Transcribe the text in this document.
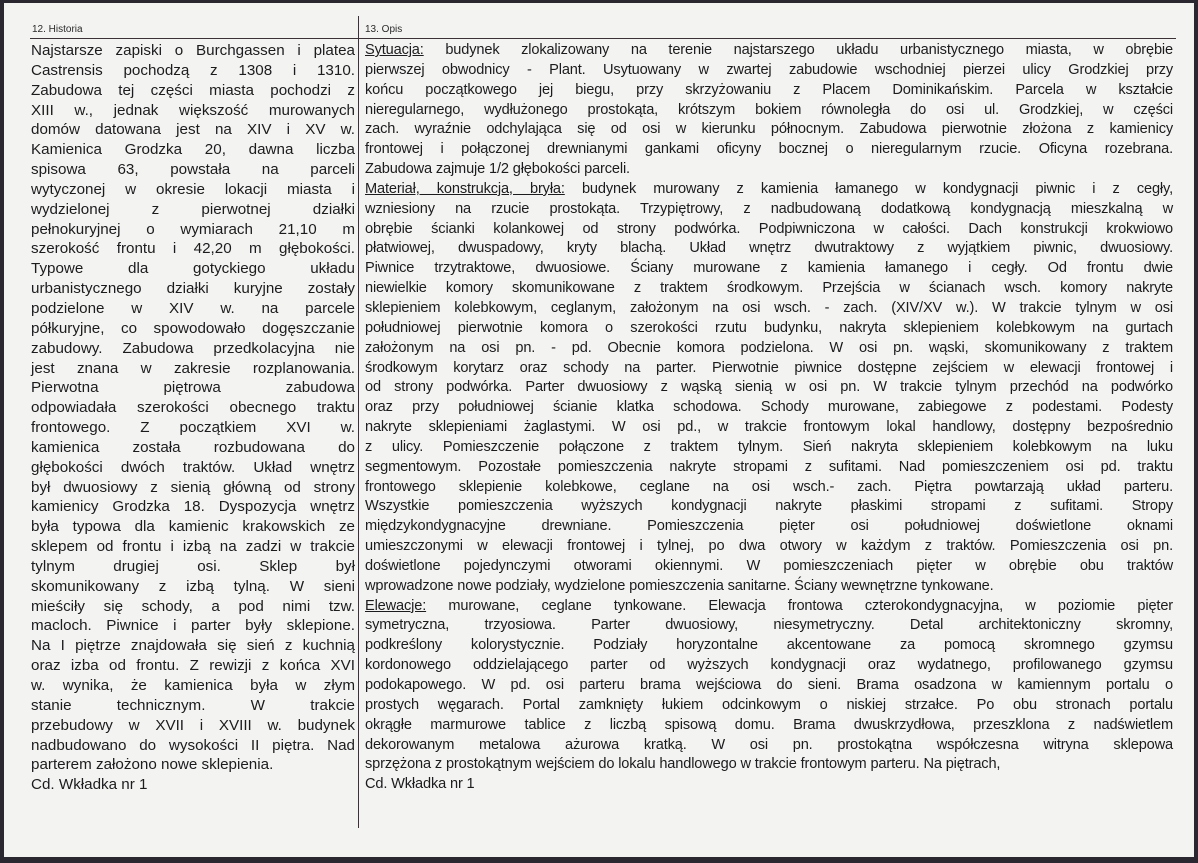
12. Historia	13. Opis
Najstarsze zapiski o Burchgassen i platea
Castrensis pochodzą z 1308 i 1310.
Zabudowa tej części miasta pochodzi z
XIII w., jednak większość murowanych
domów datowana jest na XIV i XV w.
Kamienica Grodzka 20, dawna liczba
spisowa 63, powstała na parceli
wytyczonej w okresie lokacji miasta i
wydzielonej z pierwotnej działki
pełnokuryjnej o wymiarach 21,10 m
szerokość frontu i 42,20 m głębokości.
Typowe dla gotyckiego układu
urbanistycznego działki kuryjne zostały
podzielone w XIV w. na parcele
półkuryjne, co spowodowało dogęszczanie
zabudowy. Zabudowa przedkolacyjna nie
jest znana w zakresie rozplanowania.
Pierwotna piętrowa zabudowa
odpowiadała szerokości obecnego traktu
frontowego. Z początkiem XVI w.
kamienica została rozbudowana do
głębokości dwóch traktów. Układ wnętrz
był dwuosiowy z sienią główną od strony
kamienicy Grodzka 18. Dyspozycja wnętrz
była typowa dla kamienic krakowskich ze
sklepem od frontu i izbą na zadzi w trakcie
tylnym drugiej osi. Sklep był
skomunikowany z izbą tylną. W sieni
mieściły się schody, a pod nimi tzw.
macloch. Piwnice i parter były sklepione.
Na I piętrze znajdowała się sień z kuchnią
oraz izba od frontu. Z rewizji z końca XVI
w. wynika, że kamienica była w złym
stanie technicznym. W trakcie
przebudowy w XVII i XVIII w. budynek
nadbudowano do wysokości II piętra. Nad
parterem założono nowe sklepienia.
Cd. Wkładka nr 1
Sytuacja: budynek zlokalizowany na terenie najstarszego układu urbanistycznego miasta, w obrębie
pierwszej obwodnicy - Plant. Usytuowany w zwartej zabudowie wschodniej pierzei ulicy Grodzkiej przy
końcu początkowego jej biegu, przy skrzyżowaniu z Placem Dominikańskim. Parcela w kształcie
nieregularnego, wydłużonego prostokąta, krótszym bokiem równoległa do osi ul. Grodzkiej, w części
zach. wyraźnie odchylająca się od osi w kierunku północnym. Zabudowa pierwotnie złożona z kamienicy
frontowej i połączonej drewnianymi gankami oficyny bocznej o nieregularnym rzucie. Oficyna rozebrana.
Zabudowa zajmuje 1/2 głębokości parceli.
Materiał, konstrukcja, bryła: budynek murowany z kamienia łamanego w kondygnacji piwnic i z cegły,
wzniesiony na rzucie prostokąta. Trzypiętrowy, z nadbudowaną dodatkową kondygnacją mieszkalną w
obrębie ścianki kolankowej od strony podwórka. Podpiwniczona w całości. Dach konstrukcji krokwiowo
płatwiowej, dwuspadowy, kryty blachą. Układ wnętrz dwutraktowy z wyjątkiem piwnic, dwuosiowy.
Piwnice trzytraktowe, dwuosiowe. Ściany murowane z kamienia łamanego i cegły. Od frontu dwie
niewielkie komory skomunikowane z traktem środkowym. Przejścia w ścianach wsch. komory nakryte
sklepieniem kolebkowym, ceglanym, założonym na osi wsch. - zach. (XIV/XV w.). W trakcie tylnym w osi
południowej pierwotnie komora o szerokości rzutu budynku, nakryta sklepieniem kolebkowym na gurtach
założonym na osi pn. - pd. Obecnie komora podzielona. W osi pn. wąski, skomunikowany z traktem
środkowym korytarz oraz schody na parter. Pierwotnie piwnice dostępne zejściem w elewacji frontowej i
od strony podwórka. Parter dwuosiowy z wąską sienią w osi pn. W trakcie tylnym przechód na podwórko
oraz przy południowej ścianie klatka schodowa. Schody murowane, zabiegowe z podestami. Podesty
nakryte sklepieniami żaglastymi. W osi pd., w trakcie frontowym lokal handlowy, dostępny bezpośrednio
z ulicy. Pomieszczenie połączone z traktem tylnym. Sień nakryta sklepieniem kolebkowym na luku
segmentowym. Pozostałe pomieszczenia nakryte stropami z sufitami. Nad pomieszczeniem osi pd. traktu
frontowego sklepienie kolebkowe, ceglane na osi wsch.- zach. Piętra powtarzają układ parteru.
Wszystkie pomieszczenia wyższych kondygnacji nakryte płaskimi stropami z sufitami. Stropy
międzykondygnacyjne drewniane. Pomieszczenia pięter osi południowej doświetlone oknami
umieszczonymi w elewacji frontowej i tylnej, po dwa otwory w każdym z traktów. Pomieszczenia osi pn.
doświetlone pojedynczymi otworami okiennymi. W pomieszczeniach pięter w obrębie obu traktów
wprowadzone nowe podziały, wydzielone pomieszczenia sanitarne. Ściany wewnętrzne tynkowane.
Elewacje: murowane, ceglane tynkowane. Elewacja frontowa czterokondygnacyjna, w poziomie pięter
symetryczna, trzyosiowa. Parter dwuosiowy, niesymetryczny. Detal architektoniczny skromny,
podkreślony kolorystycznie. Podziały horyzontalne akcentowane za pomocą skromnego gzymsu
kordonowego oddzielającego parter od wyższych kondygnacji oraz wydatnego, profilowanego gzymsu
podokapowego. W pd. osi parteru brama wejściowa do sieni. Brama osadzona w kamiennym portalu o
prostych węgarach. Portal zamknięty łukiem odcinkowym o niskiej strzałce. Po obu stronach portalu
okrągłe marmurowe tablice z liczbą spisową domu. Brama dwuskrzydłowa, przeszklona z nadświetlem
dekorowanym metalowa ażurowa kratką. W osi pn. prostokątna współczesna witryna sklepowa
sprzężona z prostokątnym wejściem do lokalu handlowego w trakcie frontowym parteru. Na piętrach,
Cd. Wkładka nr 1
